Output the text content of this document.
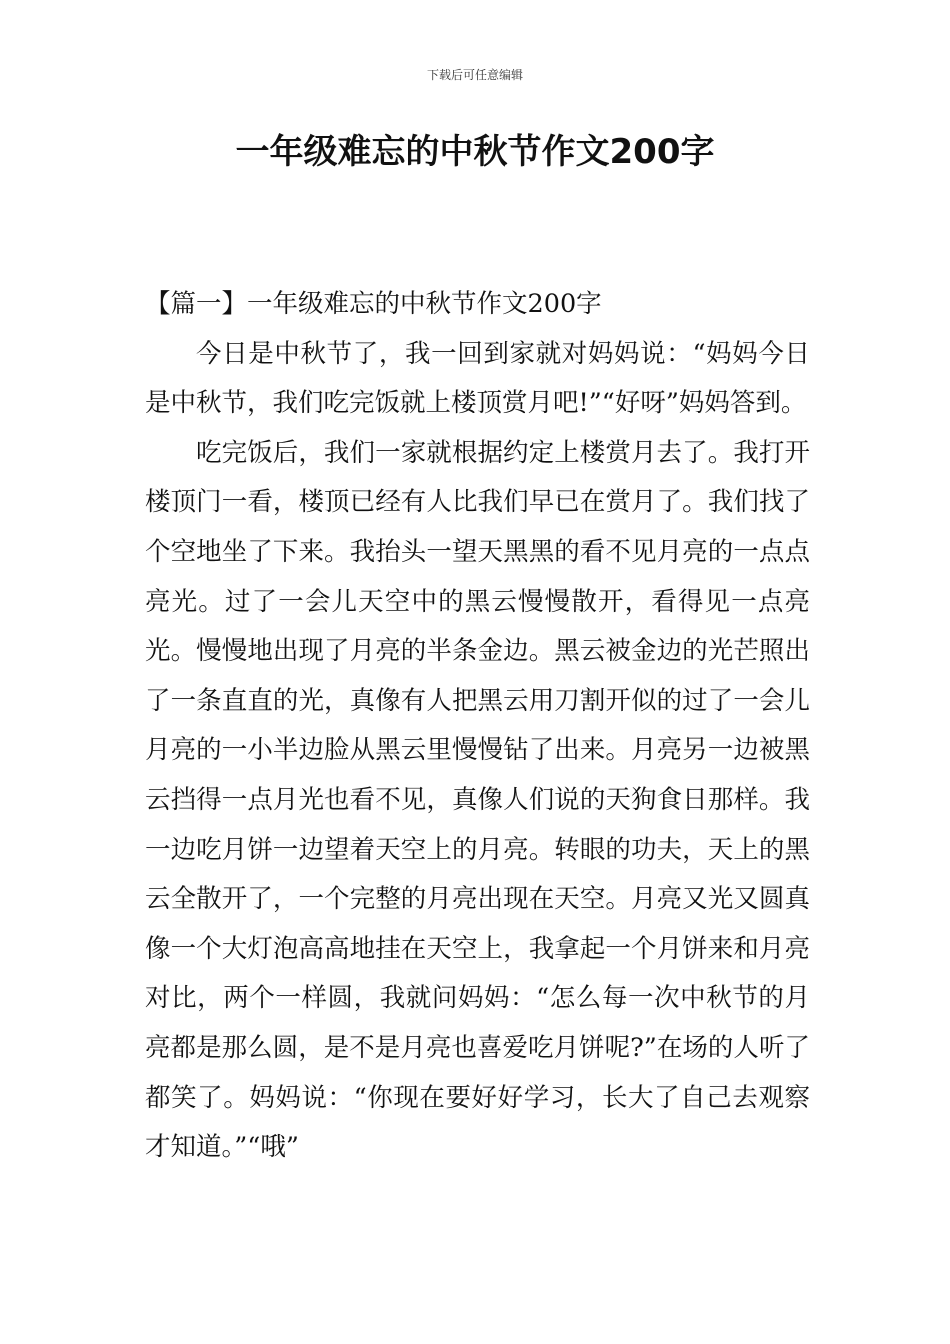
下载后可任意编辑
一年级难忘的中秋节作文200字

【篇一】一年级难忘的中秋节作文200字

今日是中秋节了，我一回到家就对妈妈说：“妈妈今日是中秋节，我们吃完饭就上楼顶赏月吧!”“好呀”妈妈答到。

吃完饭后，我们一家就根据约定上楼赏月去了。我打开楼顶门一看，楼顶已经有人比我们早已在赏月了。我们找了个空地坐了下来。我抬头一望天黑黑的看不见月亮的一点点亮光。过了一会儿天空中的黑云慢慢散开，看得见一点亮光。慢慢地出现了月亮的半条金边。黑云被金边的光芒照出了一条直直的光，真像有人把黑云用刀割开似的过了一会儿月亮的一小半边脸从黑云里慢慢钻了出来。月亮另一边被黑云挡得一点月光也看不见，真像人们说的天狗食日那样。我一边吃月饼一边望着天空上的月亮。转眼的功夫，天上的黑云全散开了，一个完整的月亮出现在天空。月亮又光又圆真像一个大灯泡高高地挂在天空上，我拿起一个月饼来和月亮对比，两个一样圆，我就问妈妈：“怎么每一次中秋节的月亮都是那么圆，是不是月亮也喜爱吃月饼呢?”在场的人听了都笑了。妈妈说：“你现在要好好学习，长大了自己去观察才知道。”“哦”
